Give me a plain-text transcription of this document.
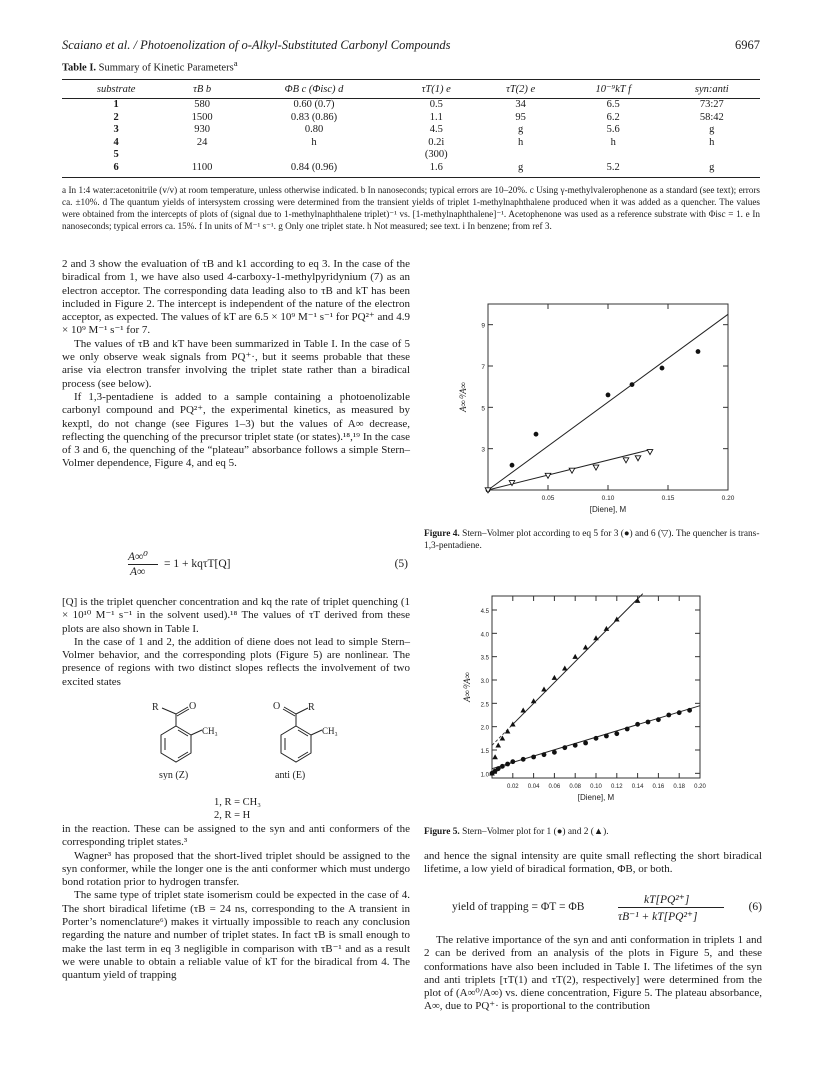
Scaiano et al. / Photoenolization of o-Alkyl-Substituted Carbonyl Compounds	6967
Table I. Summary of Kinetic Parameters$^a$
substrate	τB b	ΦB c (Φisc) d	τT(1) e	τT(2) e	10⁻⁹kT f	syn:anti
1	580	0.60 (0.7)	0.5	34	6.5	73:27
2	1500	0.83 (0.86)	1.1	95	6.2	58:42
3	930	0.80	4.5	g	5.6	g
4	24	h	0.2i	h	h	h
5			(300)			
6	1100	0.84 (0.96)	1.6	g	5.2	g
a In 1:4 water:acetonitrile (v/v) at room temperature, unless otherwise indicated. b In nanoseconds; typical errors are 10–20%. c Using γ-methylvalerophenone as a standard (see text); errors ca. ±10%. d The quantum yields of intersystem crossing were determined from the transient yields of triplet 1-methylnaphthalene produced when it was added as a quencher. The values were obtained from the intercepts of plots of (signal due to 1-methylnaphthalene triplet)⁻¹ vs. [1-methylnaphthalene]⁻¹. Acetophenone was used as a reference substrate with Φisc = 1. e In nanoseconds; typical errors ca. 15%. f In units of M⁻¹ s⁻¹. g Only one triplet state. h Not measured; see text. i In benzene; from ref 3.

2 and 3 show the evaluation of τB and k1 according to eq 3. In the case of the biradical from 1, we have also used 4-carboxy-1-methylpyridynium (7) as an electron acceptor. The corresponding data leading also to τB and kT has been included in Figure 2. The intercept is independent of the nature of the electron acceptor, as expected. The values of kT are 6.5 × 10⁹ M⁻¹ s⁻¹ for PQ²⁺ and 4.9 × 10⁹ M⁻¹ s⁻¹ for 7.

The values of τB and kT have been summarized in Table I. In the case of 5 we only observe weak signals from PQ⁺·, but it seems probable that these arise via electron transfer involving the triplet state rather than a biradical process (see below).

If 1,3-pentadiene is added to a sample containing a photoenolizable carbonyl compound and PQ²⁺, the experimental kinetics, as measured by kexptl, do not change (see Figures 1–3) but the values of A∞ decrease, reflecting the quenching of the precursor triplet state (or states).¹⁸,¹⁹ In the case of 3 and 6, the quenching of the “plateau” absorbance follows a simple Stern–Volmer dependence, Figure 4, and eq 5.

A∞⁰
A∞
= 1 + kqτT[Q]	(5)

[Q] is the triplet quencher concentration and kq the rate of triplet quenching (1 × 10¹⁰ M⁻¹ s⁻¹ in the solvent used).¹⁸ The values of τT derived from these plots are also shown in Table I.

In the case of 1 and 2, the addition of diene does not lead to simple Stern–Volmer behavior, and the corresponding plots (Figure 5) are nonlinear. The presence of regions with two distinct slopes reflects the involvement of two excited states

R	O
CH₃
O	R
CH₃
syn (Z)	anti (E)
1, R = CH₃
2, R = H

in the reaction. These can be assigned to the syn and anti conformers of the corresponding triplet states.³

Wagner³ has proposed that the short-lived triplet should be assigned to the syn conformer, while the longer one is the anti conformer which must undergo bond rotation prior to hydrogen transfer.

The same type of triplet state isomerism could be expected in the case of 4. The short biradical lifetime (τB = 24 ns, corresponding to the A transient in Porter’s nomenclature⁶) makes it virtually impossible to reach any conclusion regarding the nature and number of triplet states. In fact τB is small enough to make the last term in eq 3 negligible in comparison with τB⁻¹ and as a result we were unable to obtain a reliable value of kT for the biradical from 4. The quantum yield of trapping

0.05	0.10	0.15	0.20
3
5
7
9
[Diene], M
A∞⁰/A∞
Figure 4. Stern–Volmer plot according to eq 5 for 3 (●) and 6 (▽). The quencher is trans-1,3-pentadiene.
0.02 0.04 0.06 0.08 0.10 0.12 0.14 0.16 0.18 0.20
1.0
1.5
2.0
2.5
3.0
3.5
4.0
4.5
[Diene], M
A∞⁰/A∞
Figure 5. Stern–Volmer plot for 1 (●) and 2 (▲).

and hence the signal intensity are quite small reflecting the short biradical lifetime, a low yield of biradical formation, ΦB, or both.

yield of trapping = ΦT = ΦB
kT[PQ²⁺]
τB⁻¹ + kT[PQ²⁺]
(6)

The relative importance of the syn and anti conformation in triplets 1 and 2 can be derived from an analysis of the plots in Figure 5, and these conformations have also been included in Table I. The lifetimes of the syn and anti triplets [τT(1) and τT(2), respectively] were determined from the plot of (A∞⁰/A∞) vs. diene concentration, Figure 5. The plateau absorbance, A∞, due to PQ⁺· is proportional to the contribution
